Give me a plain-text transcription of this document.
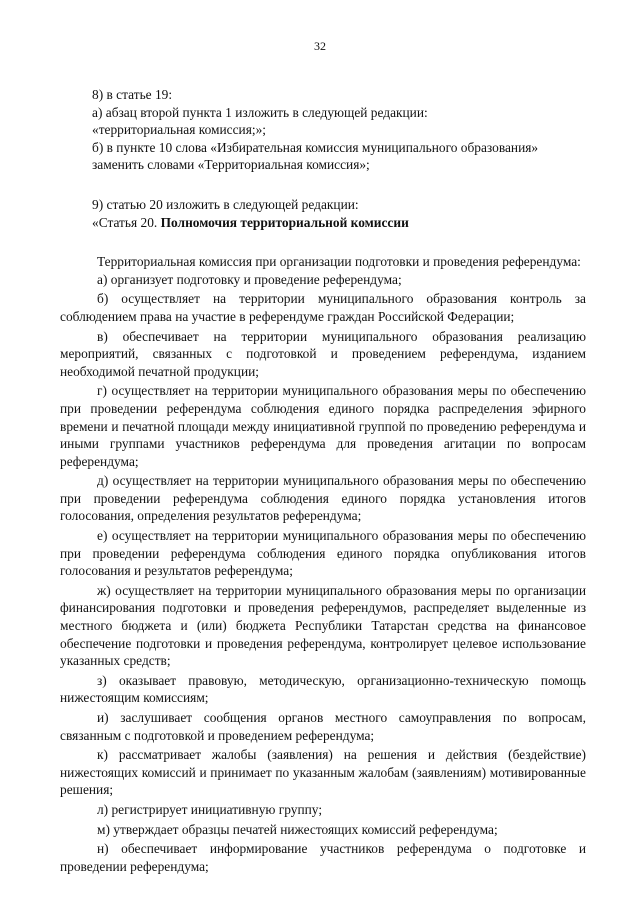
32
8) в статье 19:
а) абзац второй пункта 1 изложить в следующей редакции:
«территориальная комиссия;»;
б) в пункте 10 слова «Избирательная комиссия муниципального образования»
заменить словами «Территориальная комиссия»;
9) статью 20 изложить в следующей редакции:
«Статья 20. Полномочия территориальной комиссии

Территориальная комиссия при организации подготовки и проведения референдума:

а) организует подготовку и проведение референдума;

б) осуществляет на территории муниципального образования контроль за соблюдением права на участие в референдуме граждан Российской Федерации;

в) обеспечивает на территории муниципального образования реализацию мероприятий, связанных с подготовкой и проведением референдума, изданием необходимой печатной продукции;

г) осуществляет на территории муниципального образования меры по обеспечению при проведении референдума соблюдения единого порядка распределения эфирного времени и печатной площади между инициативной группой по проведению референдума и иными группами участников референдума для проведения агитации по вопросам референдума;

д) осуществляет на территории муниципального образования меры по обеспечению при проведении референдума соблюдения единого порядка установления итогов голосования, определения результатов референдума;

е) осуществляет на территории муниципального образования меры по обеспечению при проведении референдума соблюдения единого порядка опубликования итогов голосования и результатов референдума;

ж) осуществляет на территории муниципального образования меры по организации финансирования подготовки и проведения референдумов, распределяет выделенные из местного бюджета и (или) бюджета Республики Татарстан средства на финансовое обеспечение подготовки и проведения референдума, контролирует целевое использование указанных средств;

з) оказывает правовую, методическую, организационно-техническую помощь нижестоящим комиссиям;

и) заслушивает сообщения органов местного самоуправления по вопросам, связанным с подготовкой и проведением референдума;

к) рассматривает жалобы (заявления) на решения и действия (бездействие) нижестоящих комиссий и принимает по указанным жалобам (заявлениям) мотивированные решения;

л) регистрирует инициативную группу;

м) утверждает образцы печатей нижестоящих комиссий референдума;

н) обеспечивает информирование участников референдума о подготовке и проведении референдума;
